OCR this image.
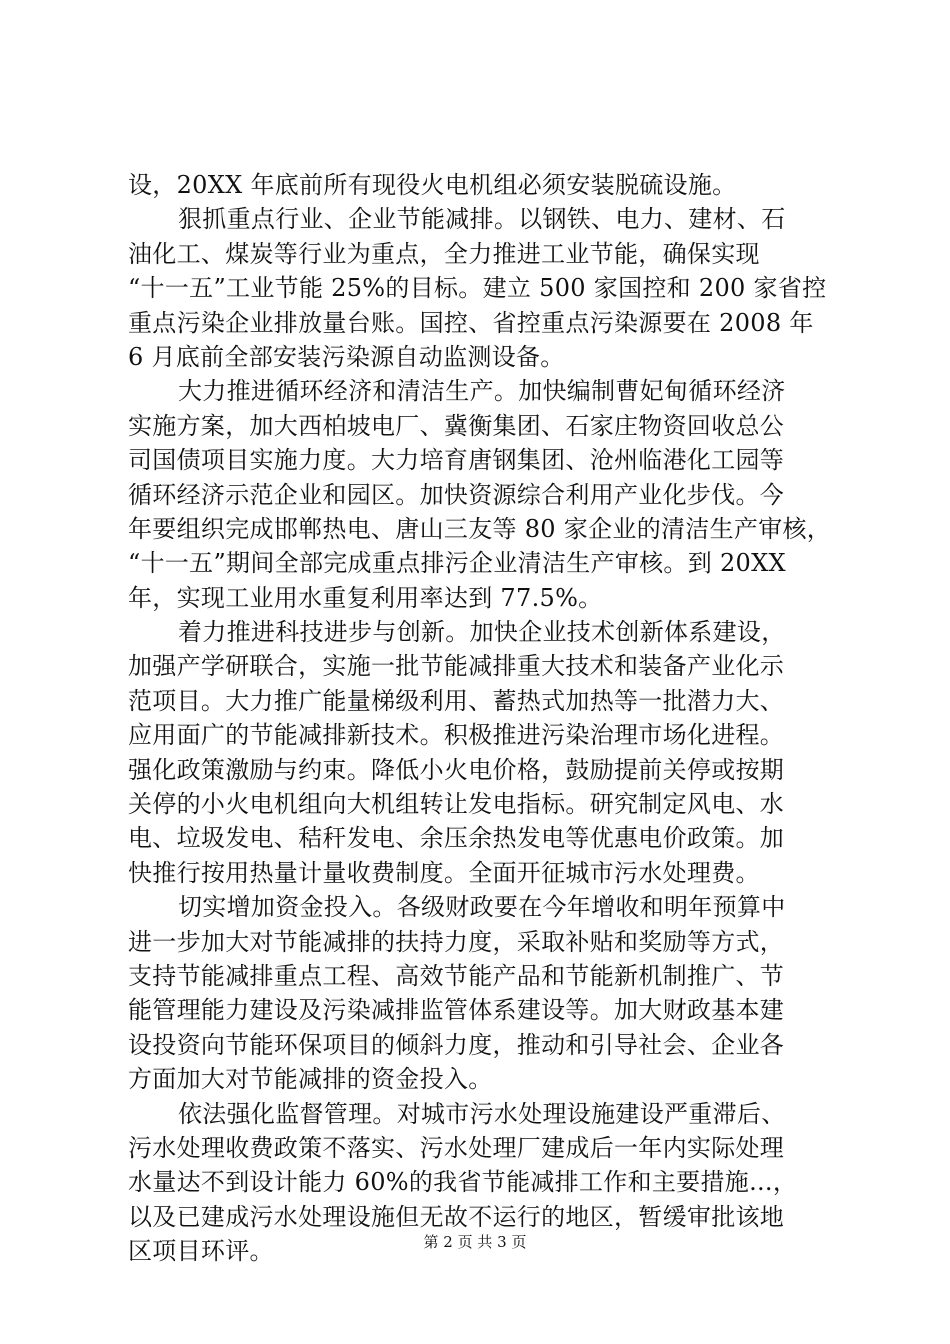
设，20XX 年底前所有现役火电机组必须安装脱硫设施。
狠抓重点行业、企业节能减排。以钢铁、电力、建材、石
油化工、煤炭等行业为重点，全力推进工业节能，确保实现
“十一五”工业节能 25%的目标。建立 500 家国控和 200 家省控
重点污染企业排放量台账。国控、省控重点污染源要在 2008 年
6 月底前全部安装污染源自动监测设备。
大力推进循环经济和清洁生产。加快编制曹妃甸循环经济
实施方案，加大西柏坡电厂、冀衡集团、石家庄物资回收总公
司国债项目实施力度。大力培育唐钢集团、沧州临港化工园等
循环经济示范企业和园区。加快资源综合利用产业化步伐。今
年要组织完成邯郸热电、唐山三友等 80 家企业的清洁生产审核，
“十一五”期间全部完成重点排污企业清洁生产审核。到 20XX
年，实现工业用水重复利用率达到 77.5%。
着力推进科技进步与创新。加快企业技术创新体系建设，
加强产学研联合，实施一批节能减排重大技术和装备产业化示
范项目。大力推广能量梯级利用、蓄热式加热等一批潜力大、
应用面广的节能减排新技术。积极推进污染治理市场化进程。
强化政策激励与约束。降低小火电价格，鼓励提前关停或按期
关停的小火电机组向大机组转让发电指标。研究制定风电、水
电、垃圾发电、秸秆发电、余压余热发电等优惠电价政策。加
快推行按用热量计量收费制度。全面开征城市污水处理费。
切实增加资金投入。各级财政要在今年增收和明年预算中
进一步加大对节能减排的扶持力度，采取补贴和奖励等方式，
支持节能减排重点工程、高效节能产品和节能新机制推广、节
能管理能力建设及污染减排监管体系建设等。加大财政基本建
设投资向节能环保项目的倾斜力度，推动和引导社会、企业各
方面加大对节能减排的资金投入。
依法强化监督管理。对城市污水处理设施建设严重滞后、
污水处理收费政策不落实、污水处理厂建成后一年内实际处理
水量达不到设计能力 60%的我省节能减排工作和主要措施...，
以及已建成污水处理设施但无故不运行的地区，暂缓审批该地
区项目环评。	第 2 页 共 3 页
